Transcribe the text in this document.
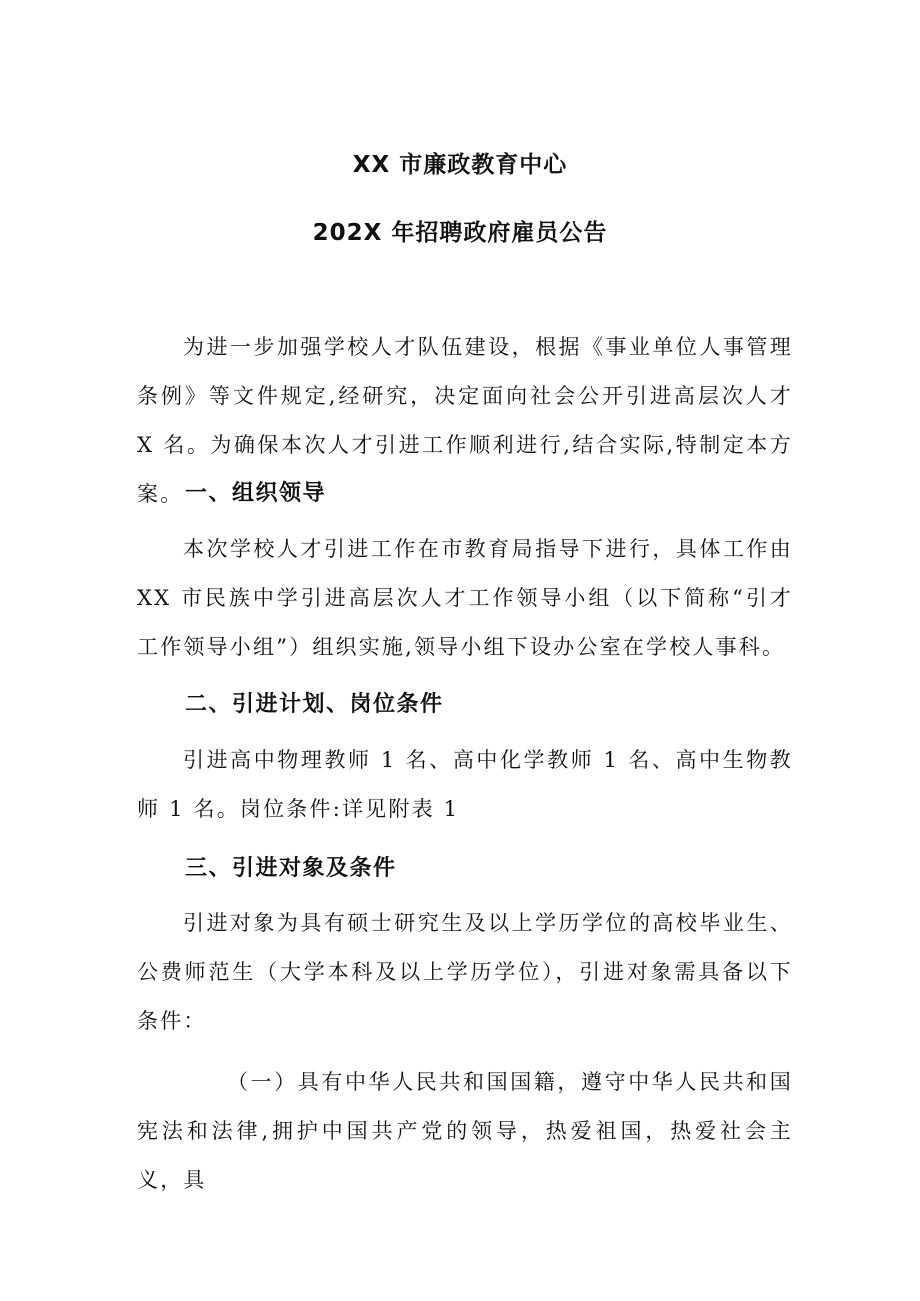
XX 市廉政教育中心
202X 年招聘政府雇员公告

为进一步加强学校人才队伍建设，根据《事业单位人事管理条例》等文件规定,经研究，决定面向社会公开引进高层次人才 X 名。为确保本次人才引进工作顺利进行,结合实际,特制定本方案。 一、组织领导

本次学校人才引进工作在市教育局指导下进行，具体工作由 XX 市民族中学引进高层次人才工作领导小组（以下简称“引才工作领导小组”）组织实施,领导小组下设办公室在学校人事科。

二、引进计划、岗位条件

引进高中物理教师 1 名、高中化学教师 1 名、高中生物教师 1 名。岗位条件:详见附表 1

三、引进对象及条件

引进对象为具有硕士研究生及以上学历学位的高校毕业生、公费师范生（大学本科及以上学历学位），引进对象需具备以下条件：

（一）具有中华人民共和国国籍，遵守中华人民共和国宪法和法律,拥护中国共产党的领导，热爱祖国，热爱社会主义，具
